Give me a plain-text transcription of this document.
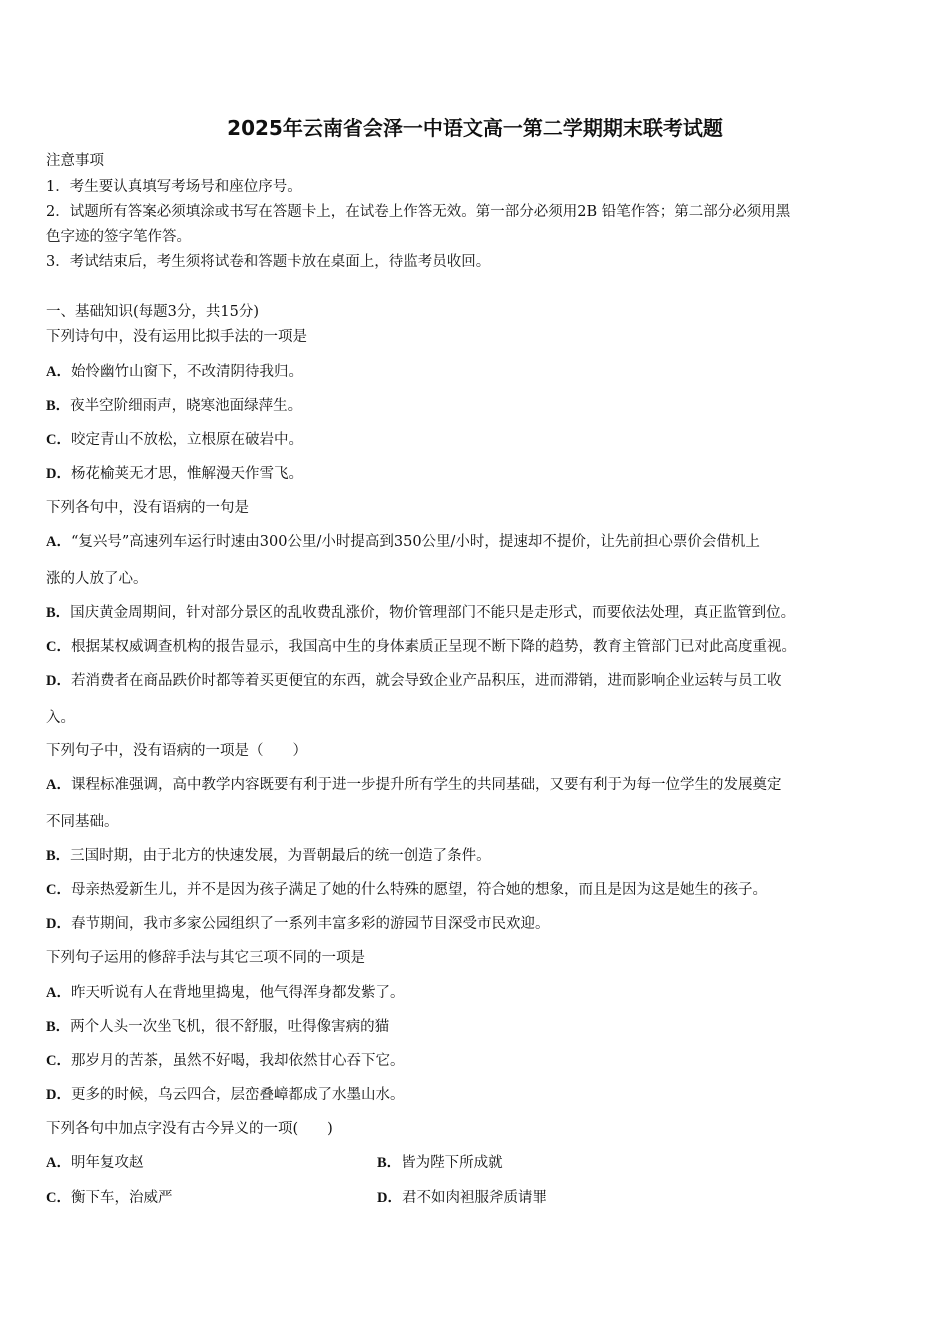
2025年云南省会泽一中语文高一第二学期期末联考试题
注意事项
1．考生要认真填写考场号和座位序号。
2．试题所有答案必须填涂或书写在答题卡上，在试卷上作答无效。第一部分必须用2B 铅笔作答；第二部分必须用黑
色字迹的签字笔作答。
3．考试结束后，考生须将试卷和答题卡放在桌面上，待监考员收回。
一、基础知识(每题3分，共15分)
下列诗句中，没有运用比拟手法的一项是
A．始怜幽竹山窗下，不改清阴待我归。
B．夜半空阶细雨声，晓寒池面绿萍生。
C．咬定青山不放松，立根原在破岩中。
D．杨花榆荚无才思，惟解漫天作雪飞。
下列各句中，没有语病的一句是
A．“复兴号”高速列车运行时速由300公里/小时提高到350公里/小时，提速却不提价，让先前担心票价会借机上
涨的人放了心。
B．国庆黄金周期间，针对部分景区的乱收费乱涨价，物价管理部门不能只是走形式，而要依法处理，真正监管到位。
C．根据某权威调查机构的报告显示，我国高中生的身体素质正呈现不断下降的趋势，教育主管部门已对此高度重视。
D．若消费者在商品跌价时都等着买更便宜的东西，就会导致企业产品积压，进而滞销，进而影响企业运转与员工收
入。
下列句子中，没有语病的一项是（　　）
A．课程标准强调，高中教学内容既要有利于进一步提升所有学生的共同基础，又要有利于为每一位学生的发展奠定
不同基础。
B．三国时期，由于北方的快速发展，为晋朝最后的统一创造了条件。
C．母亲热爱新生儿，并不是因为孩子满足了她的什么特殊的愿望，符合她的想象，而且是因为这是她生的孩子。
D．春节期间，我市多家公园组织了一系列丰富多彩的游园节目深受市民欢迎。
下列句子运用的修辞手法与其它三项不同的一项是
A．昨天听说有人在背地里捣鬼，他气得浑身都发紫了。
B．两个人头一次坐飞机，很不舒服，吐得像害病的猫
C．那岁月的苦茶，虽然不好喝，我却依然甘心吞下它。
D．更多的时候，乌云四合，层峦叠嶂都成了水墨山水。
下列各句中加点字没有古今异义的一项(　　)
A．明年复攻赵	B．皆为陛下所成就
C．衡下车，治威严	D．君不如肉袒服斧质请罪
